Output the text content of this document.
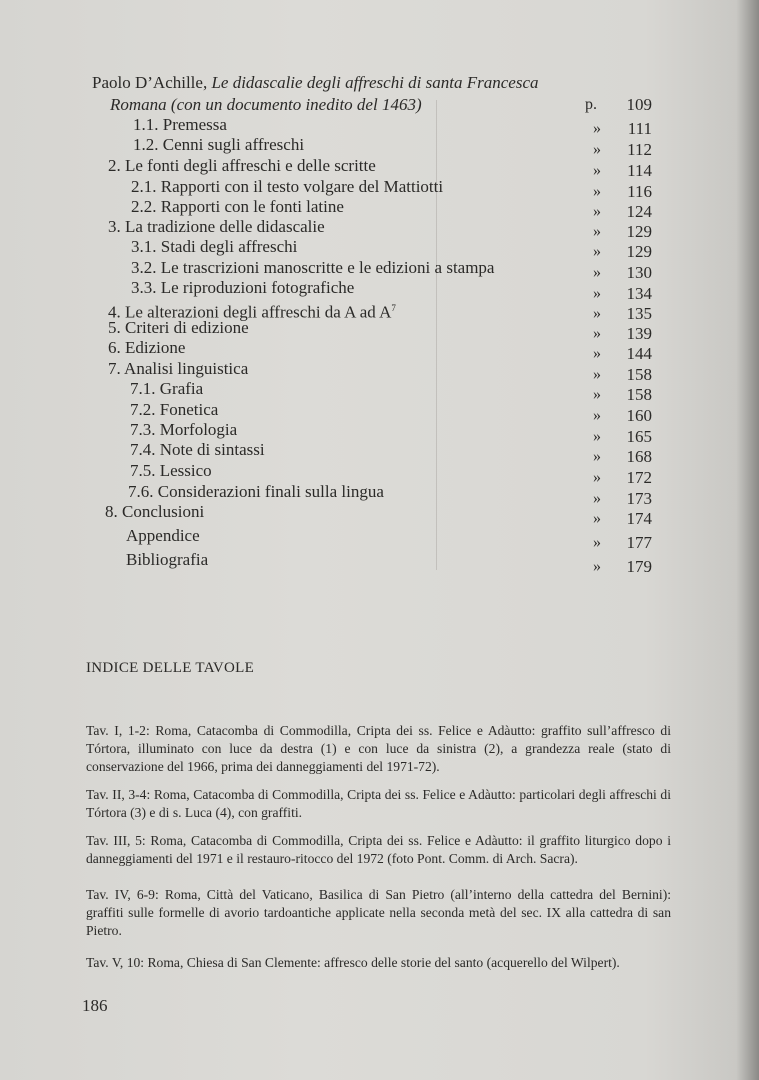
Paolo D’Achille, Le didascalie degli affreschi di santa Francesca
Romana (con un documento inedito del 1463)	p.	109
1.1. Premessa	»	111
1.2. Cenni sugli affreschi	»	112
2. Le fonti degli affreschi e delle scritte	»	114
2.1. Rapporti con il testo volgare del Mattiotti	»	116
2.2. Rapporti con le fonti latine	»	124
3. La tradizione delle didascalie	»	129
3.1. Stadi degli affreschi	»	129
3.2. Le trascrizioni manoscritte e le edizioni a stampa	»	130
3.3. Le riproduzioni fotografiche	»	134
4. Le alterazioni degli affreschi da A ad $A^7$	»	135
5. Criteri di edizione	»	139
6. Edizione	»	144
7. Analisi linguistica	»	158
7.1. Grafia	»	158
7.2. Fonetica	»	160
7.3. Morfologia	»	165
7.4. Note di sintassi	»	168
7.5. Lessico	»	172
7.6. Considerazioni finali sulla lingua	»	173
8. Conclusioni	»	174
Appendice	»	177
Bibliografia	»	179
INDICE DELLE TAVOLE
Tav. I, 1-2: Roma, Catacomba di Commodilla, Cripta dei ss. Felice e Adàutto: graffito sull’affresco di Tórtora, illuminato con luce da destra (1) e con luce da sinistra (2), a grandezza reale (stato di conservazione del 1966, prima dei danneggiamenti del 1971-72).
Tav. II, 3-4: Roma, Catacomba di Commodilla, Cripta dei ss. Felice e Adàutto: particolari degli affreschi di Tórtora (3) e di s. Luca (4), con graffiti.
Tav. III, 5: Roma, Catacomba di Commodilla, Cripta dei ss. Felice e Adàutto: il graffito liturgico dopo i danneggiamenti del 1971 e il restauro-ritocco del 1972 (foto Pont. Comm. di Arch. Sacra).
Tav. IV, 6-9: Roma, Città del Vaticano, Basilica di San Pietro (all’interno della cattedra del Bernini): graffiti sulle formelle di avorio tardoantiche applicate nella seconda metà del sec. IX alla cattedra di san Pietro.
Tav. V, 10: Roma, Chiesa di San Clemente: affresco delle storie del santo (acquerello del Wilpert).
186
